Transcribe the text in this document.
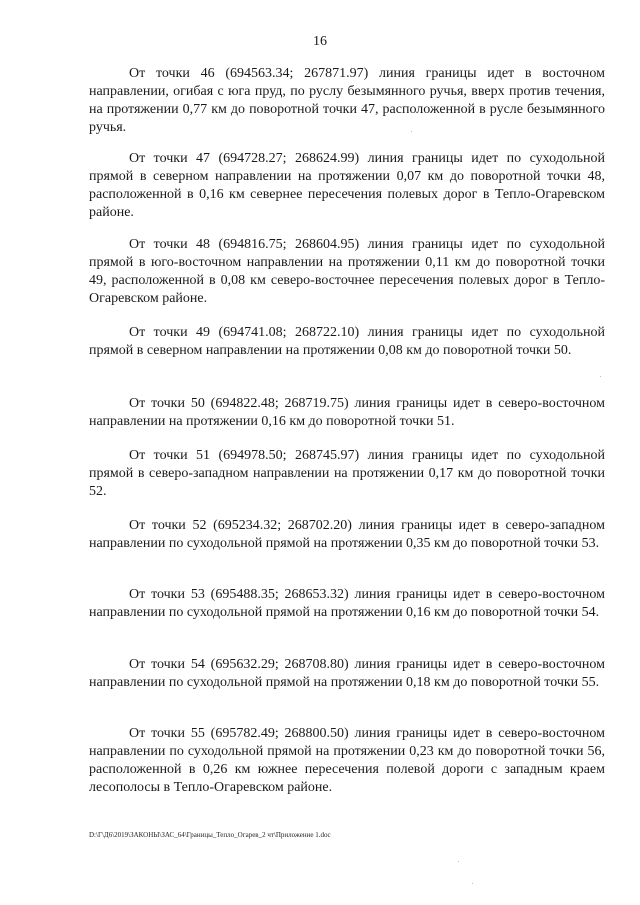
16

От точки 46 (694563.34; 267871.97) линия границы идет в восточном направлении, огибая с юга пруд, по руслу безымянного ручья, вверх против течения, на протяжении 0,77 км до поворотной точки 47, расположенной в русле безымянного ручья.

От точки 47 (694728.27; 268624.99) линия границы идет по суходольной прямой в северном направлении на протяжении 0,07 км до поворотной точки 48, расположенной в 0,16 км севернее пересечения полевых дорог в Тепло-Огаревском районе.

От точки 48 (694816.75; 268604.95) линия границы идет по суходольной прямой в юго-восточном направлении на протяжении 0,11 км до поворотной точки 49, расположенной в 0,08 км северо-восточнее пересечения полевых дорог в Тепло-Огаревском районе.

От точки 49 (694741.08; 268722.10) линия границы идет по суходольной прямой в северном направлении на протяжении 0,08 км до поворотной точки 50.

От точки 50 (694822.48; 268719.75) линия границы идет в северо-восточном направлении на протяжении 0,16 км до поворотной точки 51.

От точки 51 (694978.50; 268745.97) линия границы идет по суходольной прямой в северо-западном направлении на протяжении 0,17 км до поворотной точки 52.

От точки 52 (695234.32; 268702.20) линия границы идет в северо-западном направлении по суходольной прямой на протяжении 0,35 км до поворотной точки 53.

От точки 53 (695488.35; 268653.32) линия границы идет в северо-восточном направлении по суходольной прямой на протяжении 0,16 км до поворотной точки 54.

От точки 54 (695632.29; 268708.80) линия границы идет в северо-восточном направлении по суходольной прямой на протяжении 0,18 км до поворотной точки 55.

От точки 55 (695782.49; 268800.50) линия границы идет в северо-восточном направлении по суходольной прямой на протяжении 0,23 км до поворотной точки 56, расположенной в 0,26 км южнее пересечения полевой дороги с западным краем лесополосы в Тепло-Огаревском районе.

D:\Г\Д6\2019\ЗАКОНЫ\ЗАС_64\Границы_Тепло_Огарев_2 чт\Приложение 1.doc
